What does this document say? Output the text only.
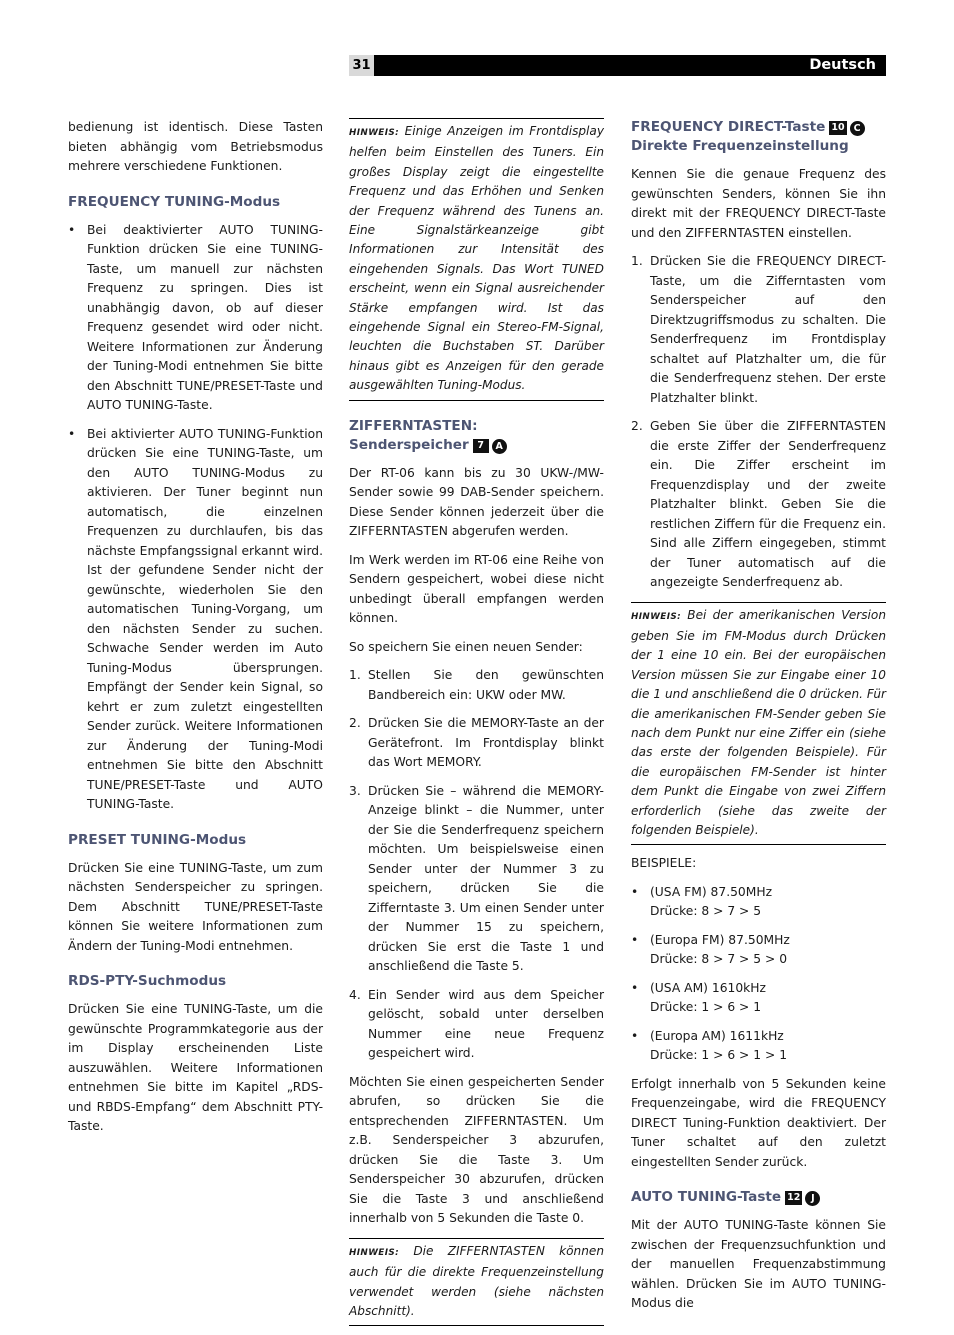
31	Deutsch

bedienung ist identisch. Diese Tasten bieten abhängig vom Betriebsmodus mehrere verschiedene Funktionen.

FREQUENCY TUNING-Modus
• Bei deaktivierter AUTO TUNING-Funktion drücken Sie eine TUNING-Taste, um manuell zur nächsten Frequenz zu springen. Dies ist unabhängig davon, ob auf dieser Frequenz gesendet wird oder nicht. Weitere Informationen zur Änderung der Tuning-Modi entnehmen Sie bitte den Abschnitt TUNE/PRESET-Taste und AUTO TUNING-Taste.
• Bei aktivierter AUTO TUNING-Funktion drücken Sie eine TUNING-Taste, um den AUTO TUNING-Modus zu aktivieren. Der Tuner beginnt nun automatisch, die einzelnen Frequenzen zu durchlaufen, bis das nächste Empfangssignal erkannt wird. Ist der gefundene Sender nicht der gewünschte, wiederholen Sie den automatischen Tuning-Vorgang, um den nächsten Sender zu suchen. Schwache Sender werden im Auto Tuning-Modus übersprungen. Empfängt der Sender kein Signal, so kehrt er zum zuletzt eingestellten Sender zurück. Weitere Informationen zur Änderung der Tuning-Modi entnehmen Sie bitte den Abschnitt TUNE/PRESET-Taste und AUTO TUNING-Taste.
PRESET TUNING-Modus

Drücken Sie eine TUNING-Taste, um zum nächsten Senderspeicher zu springen. Dem Abschnitt TUNE/PRESET-Taste können Sie weitere Informationen zum Ändern der Tuning-Modi entnehmen.

RDS-PTY-Suchmodus

Drücken Sie eine TUNING-Taste, um die gewünschte Programmkategorie aus der im Display erscheinenden Liste auszuwählen. Weitere Informationen entnehmen Sie bitte im Kapitel „RDS- und RBDS-Empfang“ dem Abschnitt PTY-Taste.

HINWEIS: Einige Anzeigen im Frontdisplay helfen beim Einstellen des Tuners. Ein großes Display zeigt die eingestellte Frequenz und das Erhöhen und Senken der Frequenz während des Tunens an. Eine Signalstärkeanzeige gibt Informationen zur Intensität des eingehenden Signals. Das Wort TUNED erscheint, wenn ein Signal ausreichender Stärke empfangen wird. Ist das eingehende Signal ein Stereo-FM-Signal, leuchten die Buchstaben ST. Darüber hinaus gibt es Anzeigen für den gerade ausgewählten Tuning-Modus.
ZIFFERNTASTEN:
Senderspeicher 7 A

Der RT-06 kann bis zu 30 UKW-/MW-Sender sowie 99 DAB-Sender speichern. Diese Sender können jederzeit über die ZIFFERNTASTEN abgerufen werden.

Im Werk werden im RT-06 eine Reihe von Sendern gespeichert, wobei diese nicht unbedingt überall empfangen werden können.

So speichern Sie einen neuen Sender:

1. Stellen Sie den gewünschten Bandbereich ein: UKW oder MW.
2. Drücken Sie die MEMORY-Taste an der Gerätefront. Im Frontdisplay blinkt das Wort MEMORY.
3. Drücken Sie – während die MEMORY-Anzeige blinkt – die Nummer, unter der Sie die Senderfrequenz speichern möchten. Um beispielsweise einen Sender unter der Nummer 3 zu speichern, drücken Sie die Zifferntaste 3. Um einen Sender unter der Nummer 15 zu speichern, drücken Sie erst die Taste 1 und anschließend die Taste 5.
4. Ein Sender wird aus dem Speicher gelöscht, sobald unter derselben Nummer eine neue Frequenz gespeichert wird.

Möchten Sie einen gespeicherten Sender abrufen, so drücken Sie die entsprechenden ZIFFERNTASTEN. Um z.B. Senderspeicher 3 abzurufen, drücken Sie die Taste 3. Um Senderspeicher 30 abzurufen, drücken Sie die Taste 3 und anschließend innerhalb von 5 Sekunden die Taste 0.

HINWEIS: Die ZIFFERNTASTEN können auch für die direkte Frequenzeinstellung verwendet werden (siehe nächsten Abschnitt).
FREQUENCY DIRECT-Taste 10 C
Direkte Frequenzeinstellung

Kennen Sie die genaue Frequenz des gewünschten Senders, können Sie ihn direkt mit der FREQUENCY DIRECT-Taste und den ZIFFERNTASTEN einstellen.

1. Drücken Sie die FREQUENCY DIRECT-Taste, um die Zifferntasten vom Senderspeicher auf den Direktzugriffsmodus zu schalten. Die Senderfrequenz im Frontdisplay schaltet auf Platzhalter um, die für die Senderfrequenz stehen. Der erste Platzhalter blinkt.
2. Geben Sie über die ZIFFERNTASTEN die erste Ziffer der Senderfrequenz ein. Die Ziffer erscheint im Frequenzdisplay und der zweite Platzhalter blinkt. Geben Sie die restlichen Ziffern für die Frequenz ein. Sind alle Ziffern eingegeben, stimmt der Tuner automatisch auf die angezeigte Senderfrequenz ab.
HINWEIS: Bei der amerikanischen Version geben Sie im FM-Modus durch Drücken der 1 eine 10 ein. Bei der europäischen Version müssen Sie zur Eingabe einer 10 die 1 und anschließend die 0 drücken. Für die amerikanischen FM-Sender geben Sie nach dem Punkt nur eine Ziffer ein (siehe das erste der folgenden Beispiele). Für die europäischen FM-Sender ist hinter dem Punkt die Eingabe von zwei Ziffern erforderlich (siehe das zweite der folgenden Beispiele).

BEISPIELE:

• (USA FM) 87.50MHz
Drücke: 8 > 7 > 5
• (Europa FM) 87.50MHz
Drücke: 8 > 7 > 5 > 0
• (USA AM) 1610kHz
Drücke: 1 > 6 > 1
• (Europa AM) 1611kHz
Drücke: 1 > 6 > 1 > 1

Erfolgt innerhalb von 5 Sekunden keine Frequenzeingabe, wird die FREQUENCY DIRECT Tuning-Funktion deaktiviert. Der Tuner schaltet auf den zuletzt eingestellten Sender zurück.

AUTO TUNING-Taste 12 J

Mit der AUTO TUNING-Taste können Sie zwischen der Frequenzsuchfunktion und der manuellen Frequenzabstimmung wählen. Drücken Sie im AUTO TUNING-Modus die
